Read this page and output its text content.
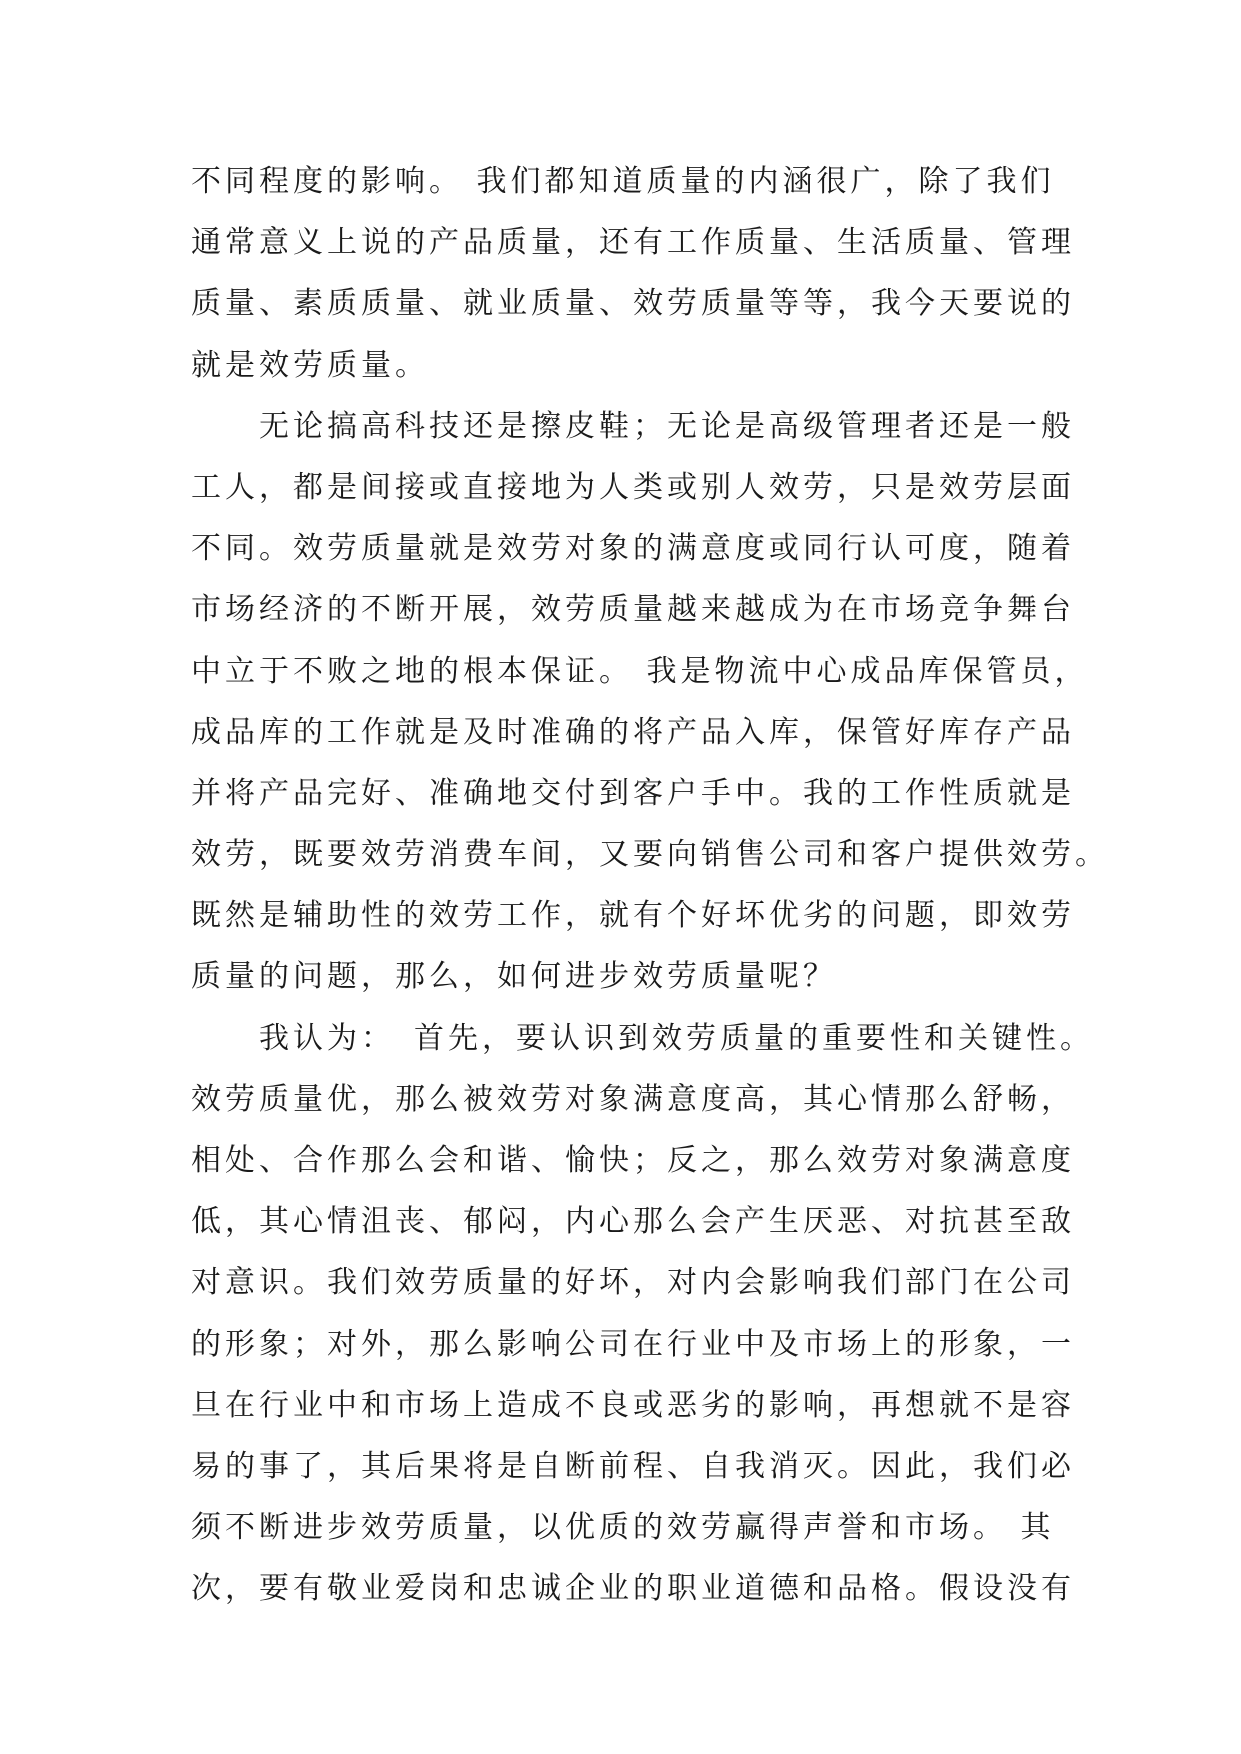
不同程度的影响。 我们都知道质量的内涵很广，除了我们
通常意义上说的产品质量，还有工作质量、生活质量、管理
质量、素质质量、就业质量、效劳质量等等，我今天要说的
就是效劳质量。
　　无论搞高科技还是擦皮鞋；无论是高级管理者还是一般
工人，都是间接或直接地为人类或别人效劳，只是效劳层面
不同。效劳质量就是效劳对象的满意度或同行认可度，随着
市场经济的不断开展，效劳质量越来越成为在市场竞争舞台
中立于不败之地的根本保证。 我是物流中心成品库保管员，
成品库的工作就是及时准确的将产品入库，保管好库存产品
并将产品完好、准确地交付到客户手中。我的工作性质就是
效劳，既要效劳消费车间，又要向销售公司和客户提供效劳。
既然是辅助性的效劳工作，就有个好坏优劣的问题，即效劳
质量的问题，那么，如何进步效劳质量呢？
　　我认为：　首先，要认识到效劳质量的重要性和关键性。
效劳质量优，那么被效劳对象满意度高，其心情那么舒畅，
相处、合作那么会和谐、愉快；反之，那么效劳对象满意度
低，其心情沮丧、郁闷，内心那么会产生厌恶、对抗甚至敌
对意识。我们效劳质量的好坏，对内会影响我们部门在公司
的形象；对外，那么影响公司在行业中及市场上的形象，一
旦在行业中和市场上造成不良或恶劣的影响，再想就不是容
易的事了，其后果将是自断前程、自我消灭。因此，我们必
须不断进步效劳质量，以优质的效劳赢得声誉和市场。 其
次，要有敬业爱岗和忠诚企业的职业道德和品格。假设没有
